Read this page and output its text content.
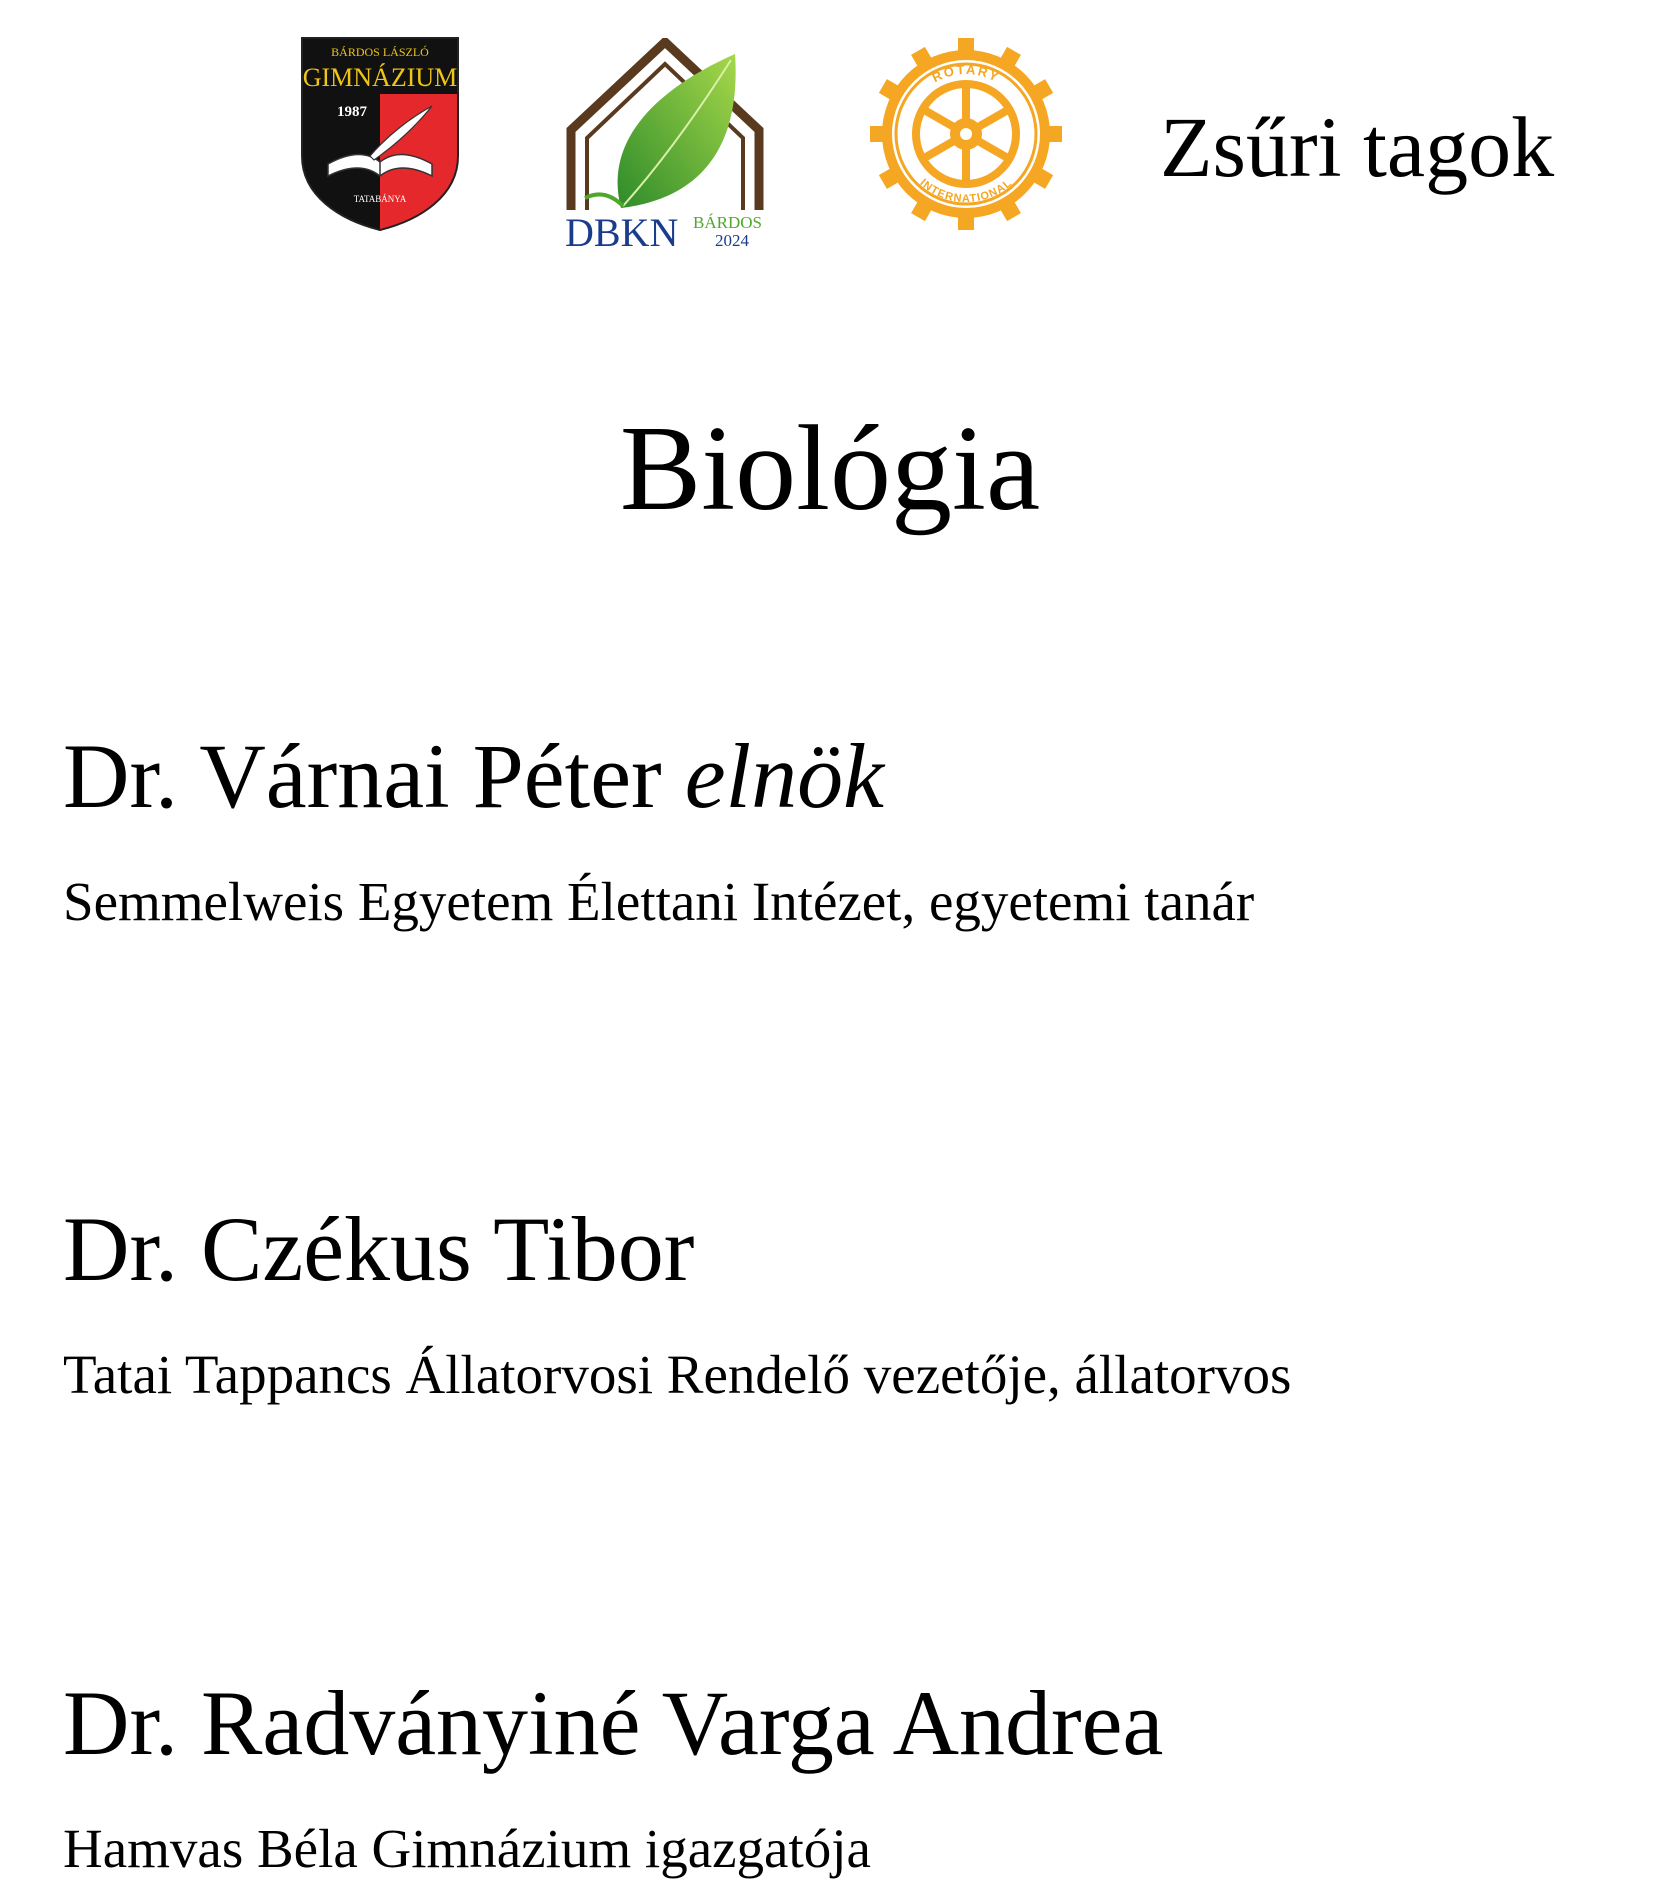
BÁRDOS LÁSZLÓ
GIMNÁZIUM
1987
TATABÁNYA
DBKN BÁRDOS
2024
ROTARY
INTERNATIONAL Zsűri tagok
Biológia
Dr. Várnai Péter elnök
Semmelweis Egyetem Élettani Intézet, egyetemi tanár
Dr. Czékus Tibor
Tatai Tappancs Állatorvosi Rendelő vezetője, állatorvos
Dr. Radványiné Varga Andrea
Hamvas Béla Gimnázium igazgatója
